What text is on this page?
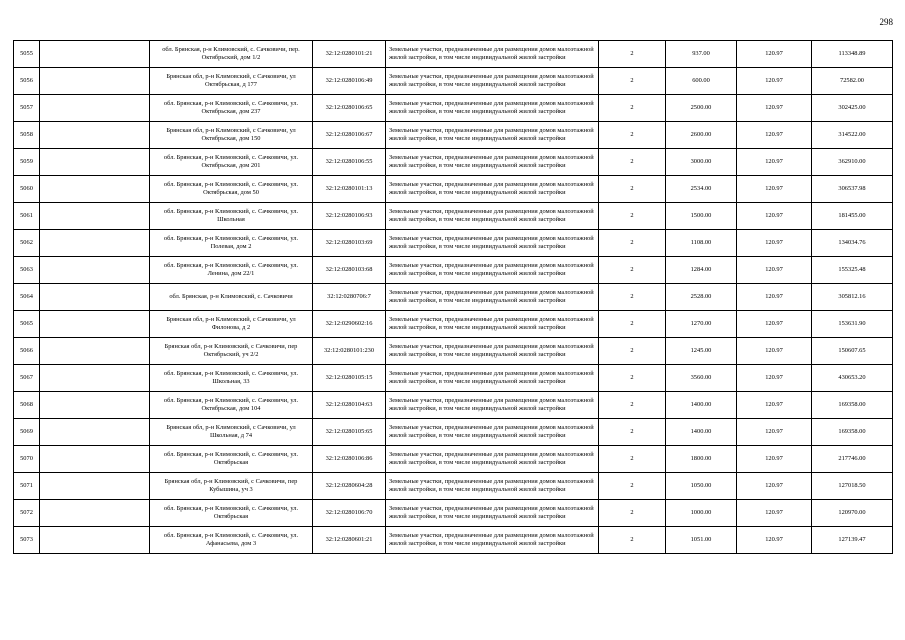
298
5055		обл. Брянская, р-н Климовский, с. Сачковичи, пер. Октябрьский, дом 1/2	32:12:0280101:21	Земельные участки, предназначенные для размещения домов малоэтажной жилой застройки, в том числе индивидуальной жилой застройки	2	937.00	120.97	113348.89
5056		Брянская обл, р-н Климовский, с Сачковичи, ул Октябрьская, д 177	32:12:0280106:49	Земельные участки, предназначенные для размещения домов малоэтажной жилой застройки, в том числе индивидуальной жилой застройки	2	600.00	120.97	72582.00
5057		обл. Брянская, р-н Климовский, с. Сачковичи, ул. Октябрьская, дом 237	32:12:0280106:65	Земельные участки, предназначенные для размещения домов малоэтажной жилой застройки, в том числе индивидуальной жилой застройки	2	2500.00	120.97	302425.00
5058		Брянская обл, р-н Климовский, с Сачковичи, ул Октябрьская, дом 150	32:12:0280106:67	Земельные участки, предназначенные для размещения домов малоэтажной жилой застройки, в том числе индивидуальной жилой застройки	2	2600.00	120.97	314522.00
5059		обл. Брянская, р-н Климовский, с. Сачковичи, ул. Октябрьская, дом 201	32:12:0280106:55	Земельные участки, предназначенные для размещения домов малоэтажной жилой застройки, в том числе индивидуальной жилой застройки	2	3000.00	120.97	362910.00
5060		обл. Брянская, р-н Климовский, с. Сачковичи, ул. Октябрьская, дом 50	32:12:0280101:13	Земельные участки, предназначенные для размещения домов малоэтажной жилой застройки, в том числе индивидуальной жилой застройки	2	2534.00	120.97	306537.98
5061		обл. Брянская, р-н Климовский, с. Сачковичи, ул. Школьная	32:12:0280106:93	Земельные участки, предназначенные для размещения домов малоэтажной жилой застройки, в том числе индивидуальной жилой застройки	2	1500.00	120.97	181455.00
5062		обл. Брянская, р-н Климовский, с. Сачковичи, ул. Полевая, дом 2	32:12:0280103:69	Земельные участки, предназначенные для размещения домов малоэтажной жилой застройки, в том числе индивидуальной жилой застройки	2	1108.00	120.97	134034.76
5063		обл. Брянская, р-н Климовский, с. Сачковичи, ул. Ленина, дом 22/1	32:12:0280103:68	Земельные участки, предназначенные для размещения домов малоэтажной жилой застройки, в том числе индивидуальной жилой застройки	2	1284.00	120.97	155325.48
5064		обл. Брянская, р-н Климовский, с. Сачковичи	32:12:0280706:7	Земельные участки, предназначенные для размещения домов малоэтажной жилой застройки, в том числе индивидуальной жилой застройки	2	2528.00	120.97	305812.16
5065		Брянская обл, р-н Климовский, с Сачковичи, ул Филонова, д 2	32:12:0290602:16	Земельные участки, предназначенные для размещения домов малоэтажной жилой застройки, в том числе индивидуальной жилой застройки	2	1270.00	120.97	153631.90
5066		Брянская обл, р-н Климовский, с Сачковичи, пер Октябрьский, уч 2/2	32:12:0280101:230	Земельные участки, предназначенные для размещения домов малоэтажной жилой застройки, в том числе индивидуальной жилой застройки	2	1245.00	120.97	150607.65
5067		обл. Брянская, р-н Климовский, с. Сачковичи, ул. Школьная, 33	32:12:0280105:15	Земельные участки, предназначенные для размещения домов малоэтажной жилой застройки, в том числе индивидуальной жилой застройки	2	3560.00	120.97	430653.20
5068		обл. Брянская, р-н Климовский, с. Сачковичи, ул. Октябрьская, дом 104	32:12:0280104:63	Земельные участки, предназначенные для размещения домов малоэтажной жилой застройки, в том числе индивидуальной жилой застройки	2	1400.00	120.97	169358.00
5069		Брянская обл, р-н Климовский, с Сачковичи, ул Школьная, д 74	32:12:0280105:65	Земельные участки, предназначенные для размещения домов малоэтажной жилой застройки, в том числе индивидуальной жилой застройки	2	1400.00	120.97	169358.00
5070		обл. Брянская, р-н Климовский, с. Сачковичи, ул. Октябрьская	32:12:0280106:86	Земельные участки, предназначенные для размещения домов малоэтажной жилой застройки, в том числе индивидуальной жилой застройки	2	1800.00	120.97	217746.00
5071		Брянская обл, р-н Климовский, с Сачковичи, пер Кубышина, уч 3	32:12:0280604:28	Земельные участки, предназначенные для размещения домов малоэтажной жилой застройки, в том числе индивидуальной жилой застройки	2	1050.00	120.97	127018.50
5072		обл. Брянская, р-н Климовский, с. Сачковичи, ул. Октябрьская	32:12:0280106:70	Земельные участки, предназначенные для размещения домов малоэтажной жилой застройки, в том числе индивидуальной жилой застройки	2	1000.00	120.97	120970.00
5073		обл. Брянская, р-н Климовский, с. Сачковичи, ул. Афанасьева, дом 3	32:12:0280601:21	Земельные участки, предназначенные для размещения домов малоэтажной жилой застройки, в том числе индивидуальной жилой застройки	2	1051.00	120.97	127139.47
